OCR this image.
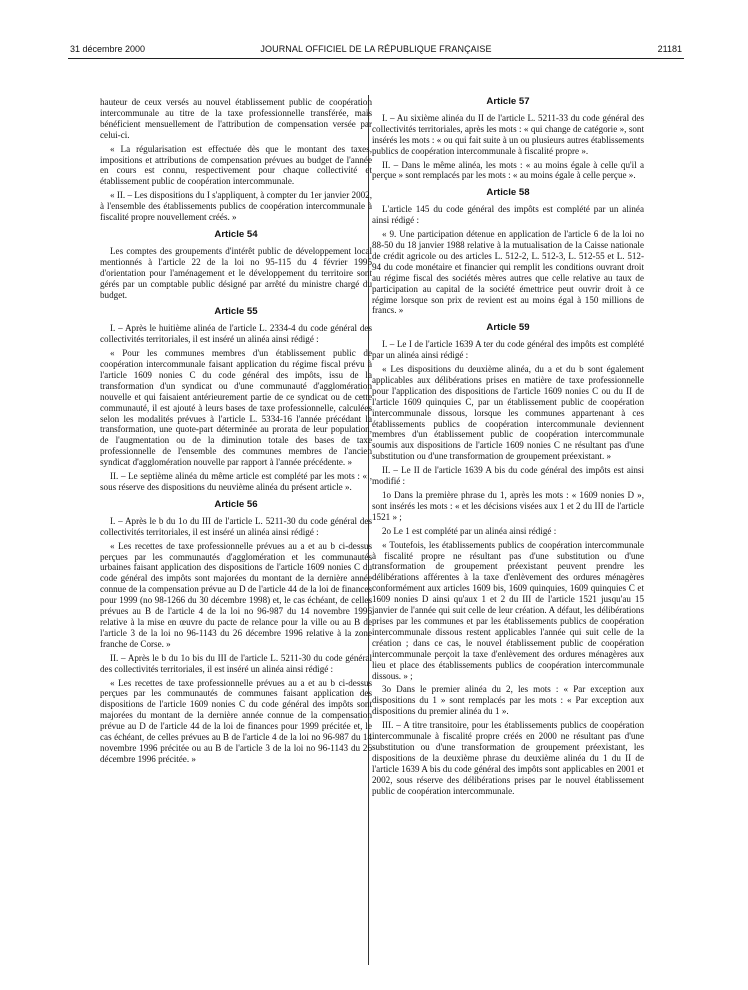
31 décembre 2000	JOURNAL OFFICIEL DE LA RÉPUBLIQUE FRANÇAISE	21181

hauteur de ceux versés au nouvel établissement public de coopération intercommunale au titre de la taxe professionnelle transférée, mais bénéficient mensuellement de l'attribution de compensation versée par celui-ci.

« La régularisation est effectuée dès que le montant des taxes, impositions et attributions de compensation prévues au budget de l'année en cours est connu, respectivement pour chaque collectivité et établissement public de coopération intercommunale.

« II. – Les dispositions du I s'appliquent, à compter du 1er janvier 2002, à l'ensemble des établissements publics de coopération intercommunale à fiscalité propre nouvellement créés. »

Article 54

Les comptes des groupements d'intérêt public de développement local mentionnés à l'article 22 de la loi no 95-115 du 4 février 1995 d'orientation pour l'aménagement et le développement du territoire sont gérés par un comptable public désigné par arrêté du ministre chargé du budget.

Article 55

I. – Après le huitième alinéa de l'article L. 2334-4 du code général des collectivités territoriales, il est inséré un alinéa ainsi rédigé :

« Pour les communes membres d'un établissement public de coopération intercommunale faisant application du régime fiscal prévu à l'article 1609 nonies C du code général des impôts, issu de la transformation d'un syndicat ou d'une communauté d'agglomération nouvelle et qui faisaient antérieurement partie de ce syndicat ou de cette communauté, il est ajouté à leurs bases de taxe professionnelle, calculées selon les modalités prévues à l'article L. 5334-16 l'année précédant la transformation, une quote-part déterminée au prorata de leur population, de l'augmentation ou de la diminution totale des bases de taxe professionnelle de l'ensemble des communes membres de l'ancien syndicat d'agglomération nouvelle par rapport à l'année précédente. »

II. – Le septième alinéa du même article est complété par les mots : « , sous réserve des dispositions du neuvième alinéa du présent article ».

Article 56

I. – Après le b du 1o du III de l'article L. 5211-30 du code général des collectivités territoriales, il est inséré un alinéa ainsi rédigé :

« Les recettes de taxe professionnelle prévues au a et au b ci-dessus perçues par les communautés d'agglomération et les communautés urbaines faisant application des dispositions de l'article 1609 nonies C du code général des impôts sont majorées du montant de la dernière année connue de la compensation prévue au D de l'article 44 de la loi de finances pour 1999 (no 98-1266 du 30 décembre 1998) et, le cas échéant, de celles prévues au B de l'article 4 de la loi no 96-987 du 14 novembre 1996 relative à la mise en œuvre du pacte de relance pour la ville ou au B de l'article 3 de la loi no 96-1143 du 26 décembre 1996 relative à la zone franche de Corse. »

II. – Après le b du 1o bis du III de l'article L. 5211-30 du code général des collectivités territoriales, il est inséré un alinéa ainsi rédigé :

« Les recettes de taxe professionnelle prévues au a et au b ci-dessus perçues par les communautés de communes faisant application des dispositions de l'article 1609 nonies C du code général des impôts sont majorées du montant de la dernière année connue de la compensation prévue au D de l'article 44 de la loi de finances pour 1999 précitée et, le cas échéant, de celles prévues au B de l'article 4 de la loi no 96-987 du 14 novembre 1996 précitée ou au B de l'article 3 de la loi no 96-1143 du 26 décembre 1996 précitée. »

Article 57

I. – Au sixième alinéa du II de l'article L. 5211-33 du code général des collectivités territoriales, après les mots : « qui change de catégorie », sont insérés les mots : « ou qui fait suite à un ou plusieurs autres établissements publics de coopération intercommunale à fiscalité propre ».

II. – Dans le même alinéa, les mots : « au moins égale à celle qu'il a perçue » sont remplacés par les mots : « au moins égale à celle perçue ».

Article 58

L'article 145 du code général des impôts est complété par un alinéa ainsi rédigé :

« 9. Une participation détenue en application de l'article 6 de la loi no 88-50 du 18 janvier 1988 relative à la mutualisation de la Caisse nationale de crédit agricole ou des articles L. 512-2, L. 512-3, L. 512-55 et L. 512-94 du code monétaire et financier qui remplit les conditions ouvrant droit au régime fiscal des sociétés mères autres que celle relative au taux de participation au capital de la société émettrice peut ouvrir droit à ce régime lorsque son prix de revient est au moins égal à 150 millions de francs. »

Article 59

I. – Le I de l'article 1639 A ter du code général des impôts est complété par un alinéa ainsi rédigé :

« Les dispositions du deuxième alinéa, du a et du b sont également applicables aux délibérations prises en matière de taxe professionnelle pour l'application des dispositions de l'article 1609 nonies C ou du II de l'article 1609 quinquies C, par un établissement public de coopération intercommunale dissous, lorsque les communes appartenant à ces établissements publics de coopération intercommunale deviennent membres d'un établissement public de coopération intercommunale soumis aux dispositions de l'article 1609 nonies C ne résultant pas d'une substitution ou d'une transformation de groupement préexistant. »

II. – Le II de l'article 1639 A bis du code général des impôts est ainsi modifié :

1o Dans la première phrase du 1, après les mots : « 1609 nonies D », sont insérés les mots : « et les décisions visées aux 1 et 2 du III de l'article 1521 » ;

2o Le 1 est complété par un alinéa ainsi rédigé :

« Toutefois, les établissements publics de coopération intercommunale à fiscalité propre ne résultant pas d'une substitution ou d'une transformation de groupement préexistant peuvent prendre les délibérations afférentes à la taxe d'enlèvement des ordures ménagères conformément aux articles 1609 bis, 1609 quinquies, 1609 quinquies C et 1609 nonies D ainsi qu'aux 1 et 2 du III de l'article 1521 jusqu'au 15 janvier de l'année qui suit celle de leur création. A défaut, les délibérations prises par les communes et par les établissements publics de coopération intercommunale dissous restent applicables l'année qui suit celle de la création ; dans ce cas, le nouvel établissement public de coopération intercommunale perçoit la taxe d'enlèvement des ordures ménagères aux lieu et place des établissements publics de coopération intercommunale dissous. » ;

3o Dans le premier alinéa du 2, les mots : « Par exception aux dispositions du 1 » sont remplacés par les mots : « Par exception aux dispositions du premier alinéa du 1 ».

III. – A titre transitoire, pour les établissements publics de coopération intercommunale à fiscalité propre créés en 2000 ne résultant pas d'une substitution ou d'une transformation de groupement préexistant, les dispositions de la deuxième phrase du deuxième alinéa du 1 du II de l'article 1639 A bis du code général des impôts sont applicables en 2001 et 2002, sous réserve des délibérations prises par le nouvel établissement public de coopération intercommunale.
